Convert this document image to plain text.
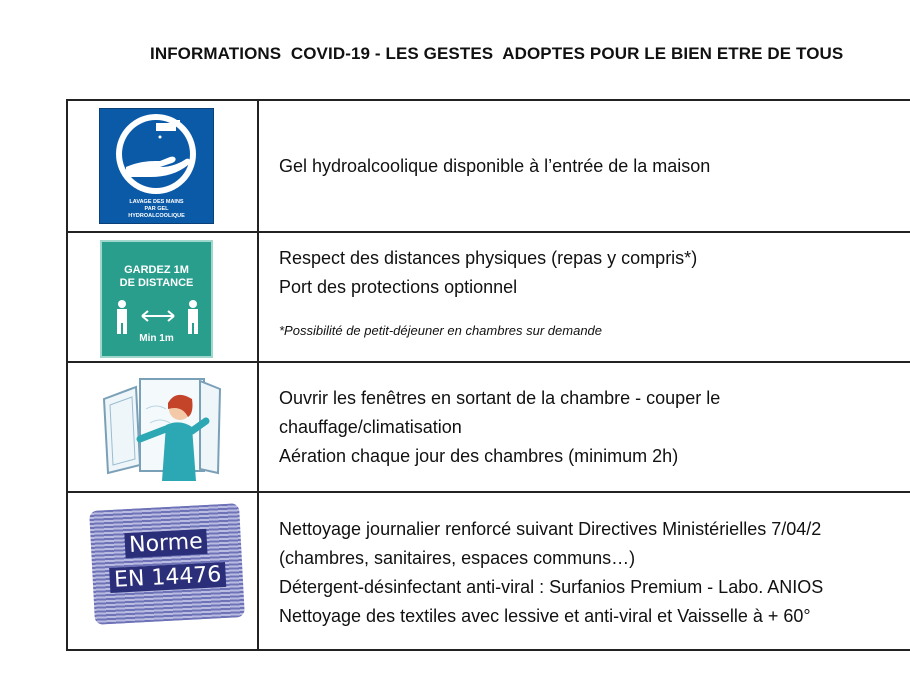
INFORMATIONS  COVID-19 - LES GESTES  ADOPTES POUR LE BIEN ETRE DE TOUS
LAVAGE DES MAINS
PAR GEL
HYDROALCOOLIQUE
Gel hydroalcoolique disponible à l’entrée de la maison
GARDEZ 1M
DE DISTANCE
Min 1m
Respect des distances physiques (repas y compris*)
Port des protections optionnel
*Possibilité de petit-déjeuner en chambres sur demande
Ouvrir les fenêtres en sortant de la chambre - couper le
chauffage/climatisation
Aération chaque jour des chambres (minimum 2h)
Norme
EN 14476
Nettoyage journalier renforcé suivant Directives Ministérielles 7/04/2
(chambres, sanitaires, espaces communs…)
Détergent-désinfectant anti-viral : Surfanios Premium - Labo. ANIOS
Nettoyage des textiles avec lessive et anti-viral et Vaisselle à + 60°
